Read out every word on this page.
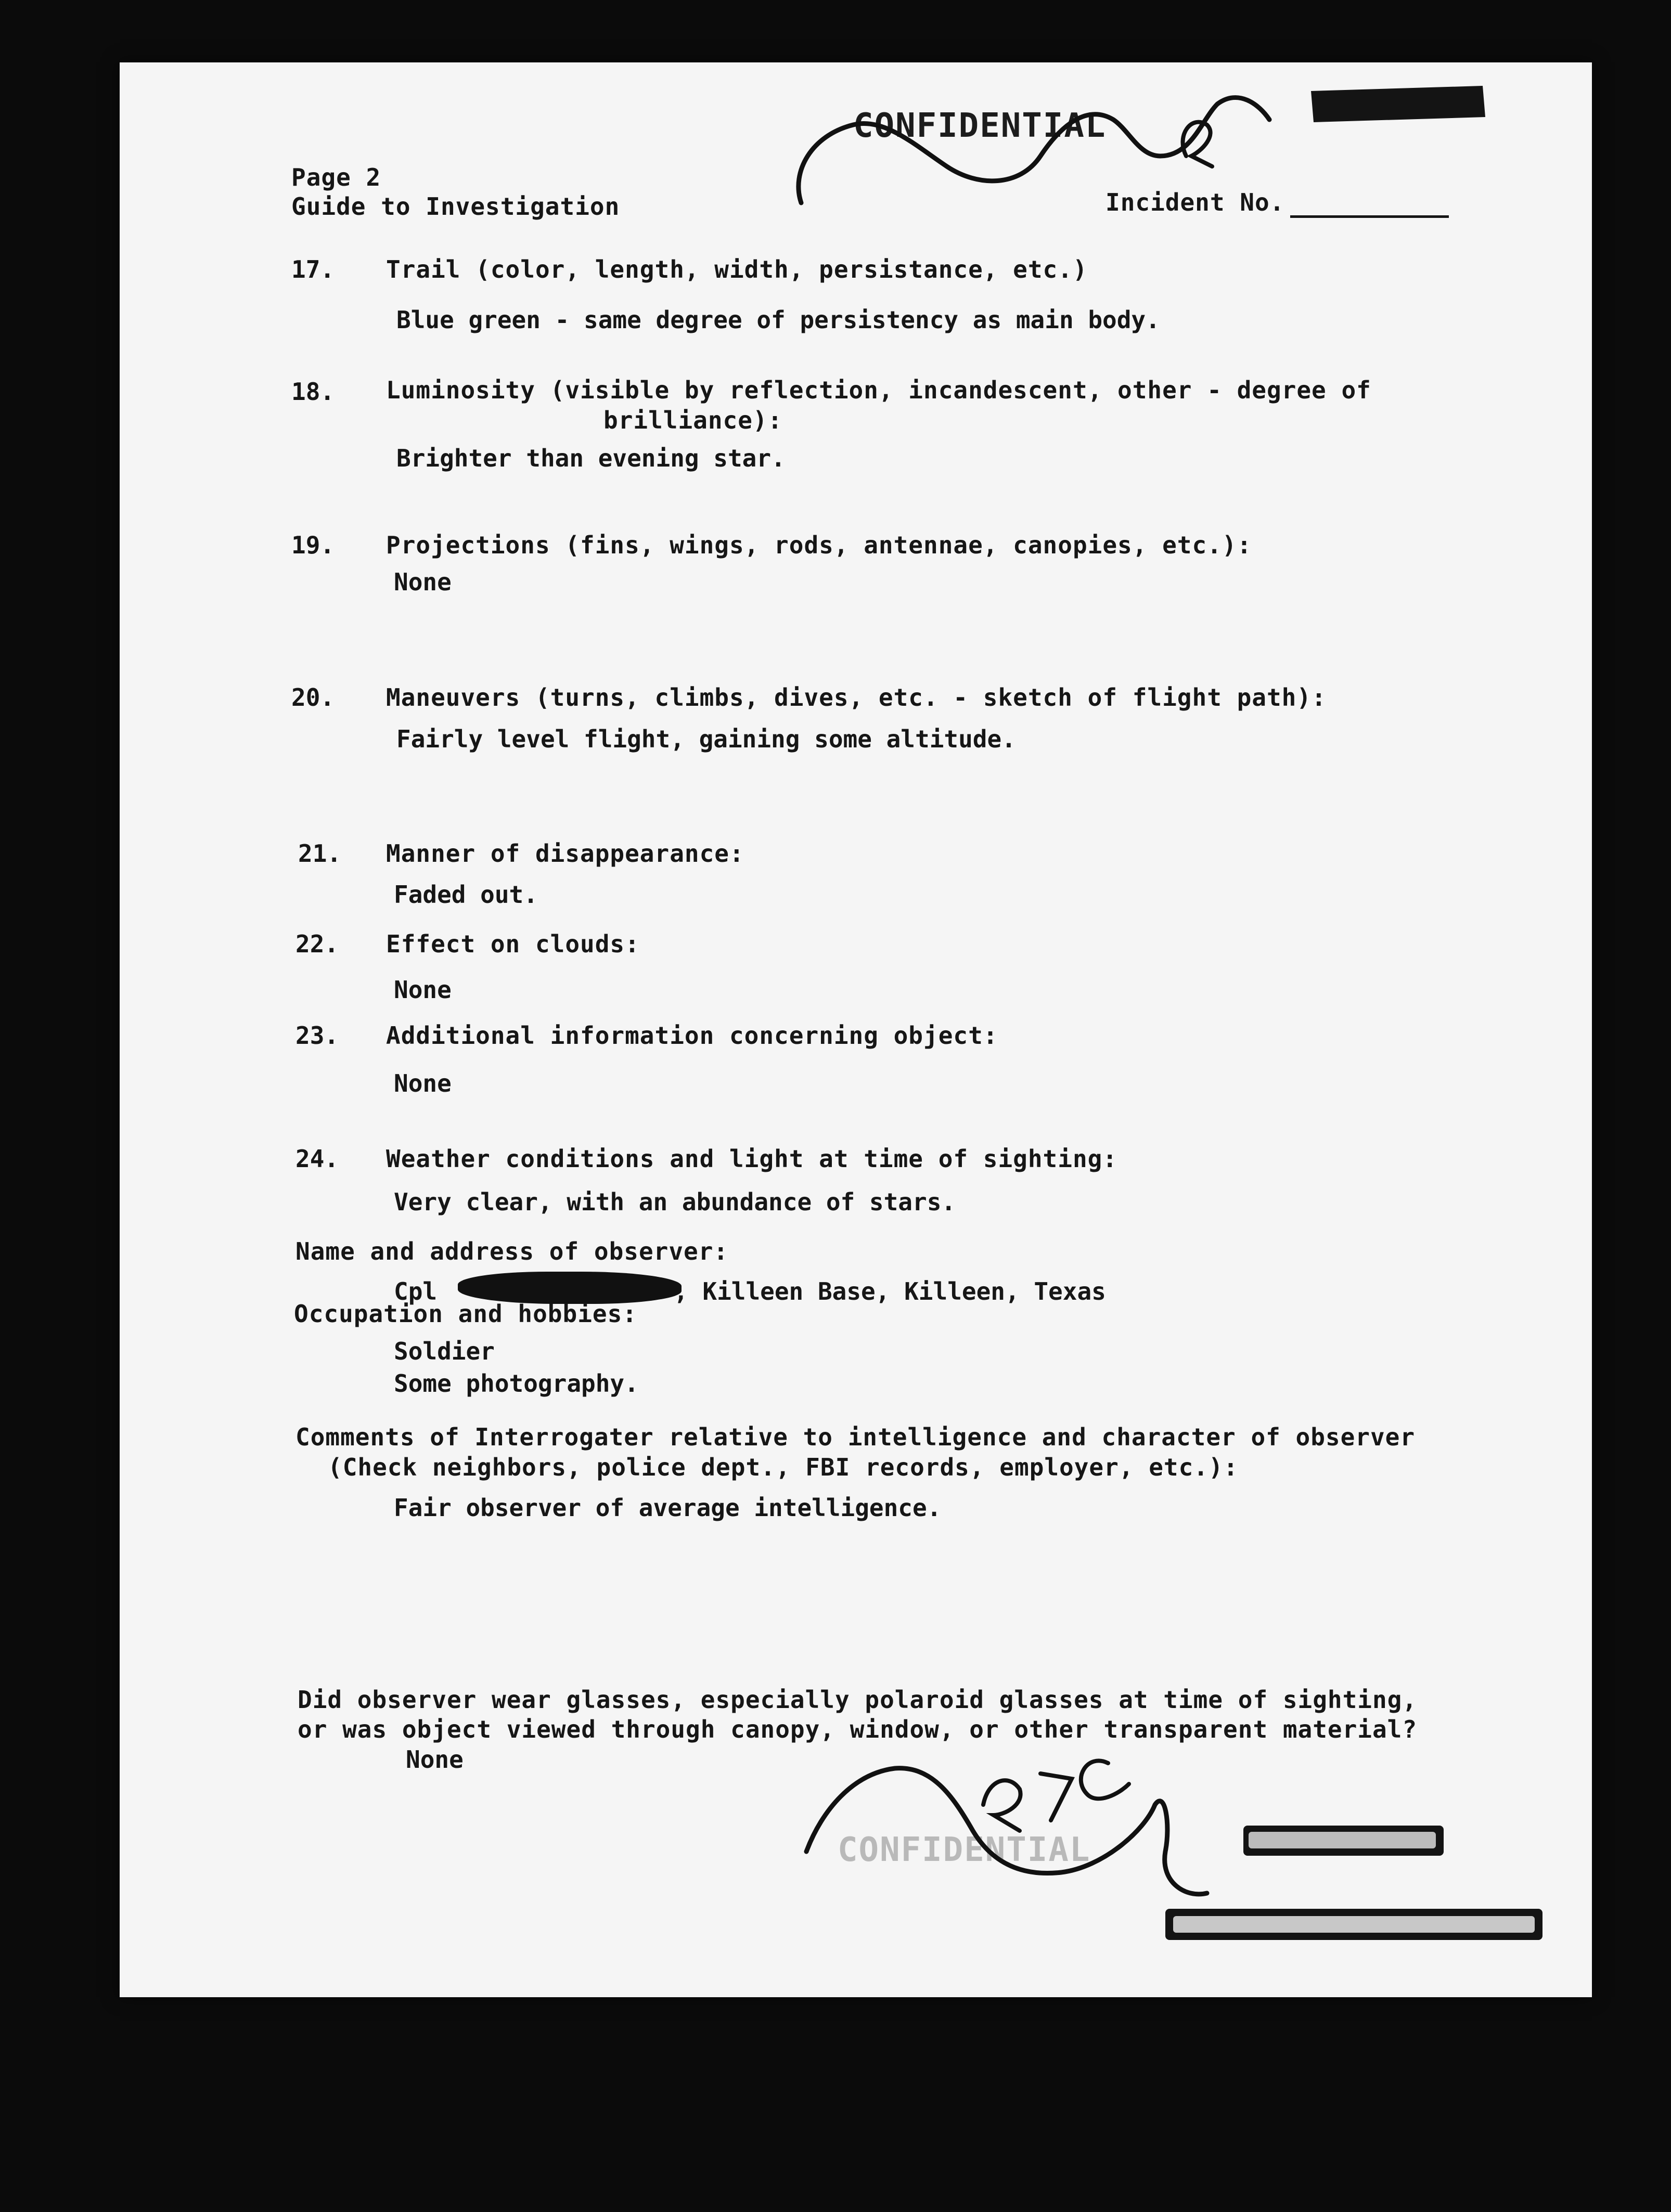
Page 2
Guide to Investigation	Incident No.
CONFIDENTIAL
CONFIDENTIAL
17. Trail (color, length, width, persistance, etc.)
Blue green - same degree of persistency as main body.
18. Luminosity (visible by reflection, incandescent, other - degree of
brilliance):
Brighter than evening star.
19. Projections (fins, wings, rods, antennae, canopies, etc.):
None
20. Maneuvers (turns, climbs, dives, etc. - sketch of flight path):
Fairly level flight, gaining some altitude.
21. Manner of disappearance:
Faded out.
22. Effect on clouds:
None
23. Additional information concerning object:
None
24. Weather conditions and light at time of sighting:
Very clear, with an abundance of stars.
Name and address of observer:
Cpl	, Killeen Base, Killeen, Texas
Occupation and hobbies:
Soldier
Some photography.
Comments of Interrogater relative to intelligence and character of observer
(Check neighbors, police dept., FBI records, employer, etc.):
Fair observer of average intelligence.
Did observer wear glasses, especially polaroid glasses at time of sighting,
or was object viewed through canopy, window, or other transparent material?
None
